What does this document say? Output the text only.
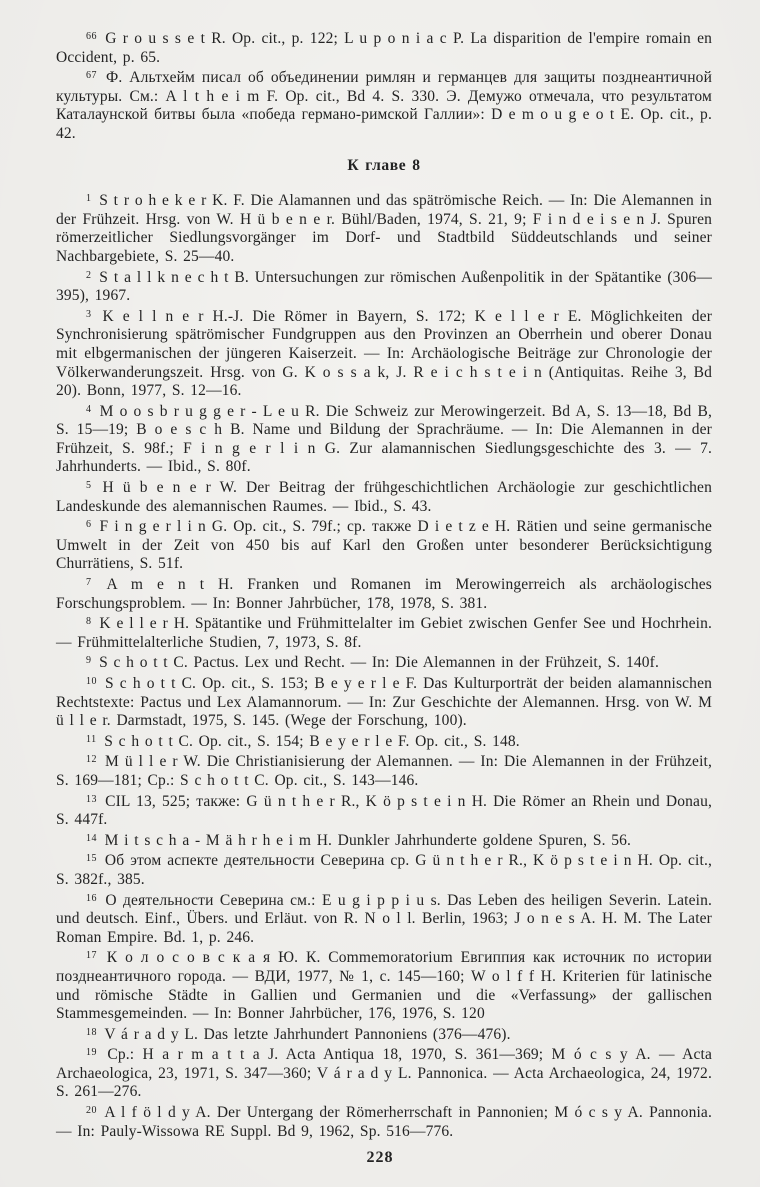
$^{66}$ G r o u s s e t R. Op. cit., p. 122; L u p o n i a c P. La disparition de l'empire romain en Occident, p. 65.

$^{67}$ Ф. Альтхейм писал об объединении римлян и германцев для защиты позднеантичной культуры. См.: A l t h e i m F. Op. cit., Bd 4. S. 330. Э. Демужо отмечала, что результатом Каталаунской битвы была «победа германо-римской Галлии»: D e m o u g e o t E. Op. cit., p. 42.

К главе 8

$^1$ S t r o h e k e r K. F. Die Alamannen und das spätrömische Reich. — In: Die Alemannen in der Frühzeit. Hrsg. von W. H ü b e n e r. Bühl/Baden, 1974, S. 21, 9; F i n d e i s e n J. Spuren römerzeitlicher Siedlungsvorgänger im Dorf- und Stadtbild Süddeutschlands und seiner Nachbargebiete, S. 25—40.

$^2$ S t a l l k n e c h t B. Untersuchungen zur römischen Außenpolitik in der Spätantike (306—395), 1967.

$^3$ K e l l n e r H.-J. Die Römer in Bayern, S. 172; K e l l e r E. Möglichkeiten der Synchronisierung spätrömischer Fundgruppen aus den Provinzen an Oberrhein und oberer Donau mit elbgermanischen der jüngeren Kaiserzeit. — In: Archäologische Beiträge zur Chronologie der Völkerwanderungszeit. Hrsg. von G. K o s s a k, J. R e i c h s t e i n (Antiquitas. Reihe 3, Bd 20). Bonn, 1977, S. 12—16.

$^4$ M o o s b r u g g e r - L e u R. Die Schweiz zur Merowingerzeit. Bd A, S. 13—18, Bd B, S. 15—19; B o e s c h B. Name und Bildung der Sprachräume. — In: Die Alemannen in der Frühzeit, S. 98f.; F i n g e r l i n G. Zur alamannischen Siedlungsgeschichte des 3. — 7. Jahrhunderts. — Ibid., S. 80f.

$^5$ H ü b e n e r W. Der Beitrag der frühgeschichtlichen Archäologie zur geschichtlichen Landeskunde des alemannischen Raumes. — Ibid., S. 43.

$^6$ F i n g e r l i n G. Op. cit., S. 79f.; ср. также D i e t z e H. Rätien und seine germanische Umwelt in der Zeit von 450 bis auf Karl den Großen unter besonderer Berücksichtigung Churrätiens, S. 51f.

$^7$ A m e n t H. Franken und Romanen im Merowingerreich als archäologisches Forschungsproblem. — In: Bonner Jahrbücher, 178, 1978, S. 381.

$^8$ K e l l e r H. Spätantike und Frühmittelalter im Gebiet zwischen Genfer See und Hochrhein. — Frühmittelalterliche Studien, 7, 1973, S. 8f.

$^9$ S c h o t t C. Pactus. Lex und Recht. — In: Die Alemannen in der Frühzeit, S. 140f.

$^{10}$ S c h o t t C. Op. cit., S. 153; B e y e r l e F. Das Kulturporträt der beiden alamannischen Rechtstexte: Pactus und Lex Alamannorum. — In: Zur Geschichte der Alemannen. Hrsg. von W. M ü l l e r. Darmstadt, 1975, S. 145. (Wege der Forschung, 100).

$^{11}$ S c h o t t C. Op. cit., S. 154; B e y e r l e F. Op. cit., S. 148.

$^{12}$ M ü l l e r W. Die Christianisierung der Alemannen. — In: Die Alemannen in der Frühzeit, S. 169—181; Ср.: S c h o t t C. Op. cit., S. 143—146.

$^{13}$ CIL 13, 525; также: G ü n t h e r R., K ö p s t e i n H. Die Römer an Rhein und Donau, S. 447f.

$^{14}$ M i t s c h a - M ä h r h e i m H. Dunkler Jahrhunderte goldene Spuren, S. 56.

$^{15}$ Об этом аспекте деятельности Северина ср. G ü n t h e r R., K ö p s t e i n H. Op. cit., S. 382f., 385.

$^{16}$ О деятельности Северина см.: E u g i p p i u s. Das Leben des heiligen Severin. Latein. und deutsch. Einf., Übers. und Erläut. von R. N o l l. Berlin, 1963; J o n e s A. H. M. The Later Roman Empire. Bd. 1, p. 246.

$^{17}$ К о л о с о в с к а я Ю. К. Commemoratorium Евгиппия как источник по истории позднеантичного города. — ВДИ, 1977, № 1, с. 145—160; W o l f f H. Kriterien für latinische und römische Städte in Gallien und Germanien und die «Verfassung» der gallischen Stammesgemeinden. — In: Bonner Jahrbücher, 176, 1976, S. 120

$^{18}$ V á r a d y L. Das letzte Jahrhundert Pannoniens (376—476).

$^{19}$ Ср.: H a r m a t t a J. Acta Antiqua 18, 1970, S. 361—369; M ó c s y A. — Acta Archaeologica, 23, 1971, S. 347—360; V á r a d y L. Pannonica. — Acta Archaeologica, 24, 1972. S. 261—276.

$^{20}$ A l f ö l d y A. Der Untergang der Römerherrschaft in Pannonien; M ó c s y A. Pannonia. — In: Pauly-Wissowa RE Suppl. Bd 9, 1962, Sp. 516—776.

228
